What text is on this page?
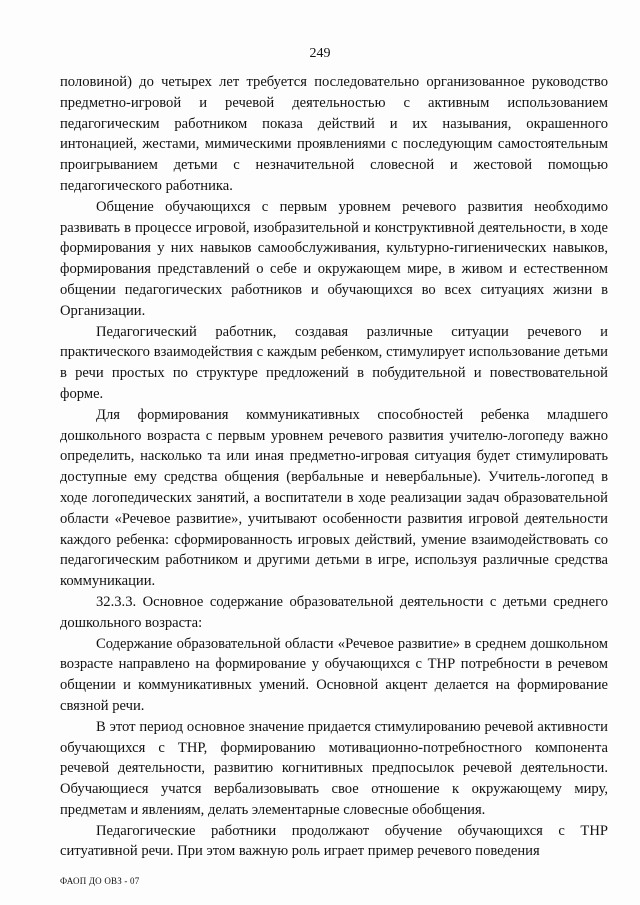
249

половиной) до четырех лет требуется последовательно организованное руководство предметно-игровой и речевой деятельностью с активным использованием педагогическим работником показа действий и их называния, окрашенного интонацией, жестами, мимическими проявлениями с последующим самостоятельным проигрыванием детьми с незначительной словесной и жестовой помощью педагогического работника.

Общение обучающихся с первым уровнем речевого развития необходимо развивать в процессе игровой, изобразительной и конструктивной деятельности, в ходе формирования у них навыков самообслуживания, культурно-гигиенических навыков, формирования представлений о себе и окружающем мире, в живом и естественном общении педагогических работников и обучающихся во всех ситуациях жизни в Организации.

Педагогический работник, создавая различные ситуации речевого и практического взаимодействия с каждым ребенком, стимулирует использование детьми в речи простых по структуре предложений в побудительной и повествовательной форме.

Для формирования коммуникативных способностей ребенка младшего дошкольного возраста с первым уровнем речевого развития учителю-логопеду важно определить, насколько та или иная предметно-игровая ситуация будет стимулировать доступные ему средства общения (вербальные и невербальные). Учитель-логопед в ходе логопедических занятий, а воспитатели в ходе реализации задач образовательной области «Речевое развитие», учитывают особенности развития игровой деятельности каждого ребенка: сформированность игровых действий, умение взаимодействовать со педагогическим работником и другими детьми в игре, используя различные средства коммуникации.

32.3.3. Основное содержание образовательной деятельности с детьми среднего дошкольного возраста:

Содержание образовательной области «Речевое развитие» в среднем дошкольном возрасте направлено на формирование у обучающихся с ТНР потребности в речевом общении и коммуникативных умений. Основной акцент делается на формирование связной речи.

В этот период основное значение придается стимулированию речевой активности обучающихся с ТНР, формированию мотивационно-потребностного компонента речевой деятельности, развитию когнитивных предпосылок речевой деятельности. Обучающиеся учатся вербализовывать свое отношение к окружающему миру, предметам и явлениям, делать элементарные словесные обобщения.

Педагогические работники продолжают обучение обучающихся с ТНР ситуативной речи. При этом важную роль играет пример речевого поведения

ФАОП ДО ОВЗ - 07
